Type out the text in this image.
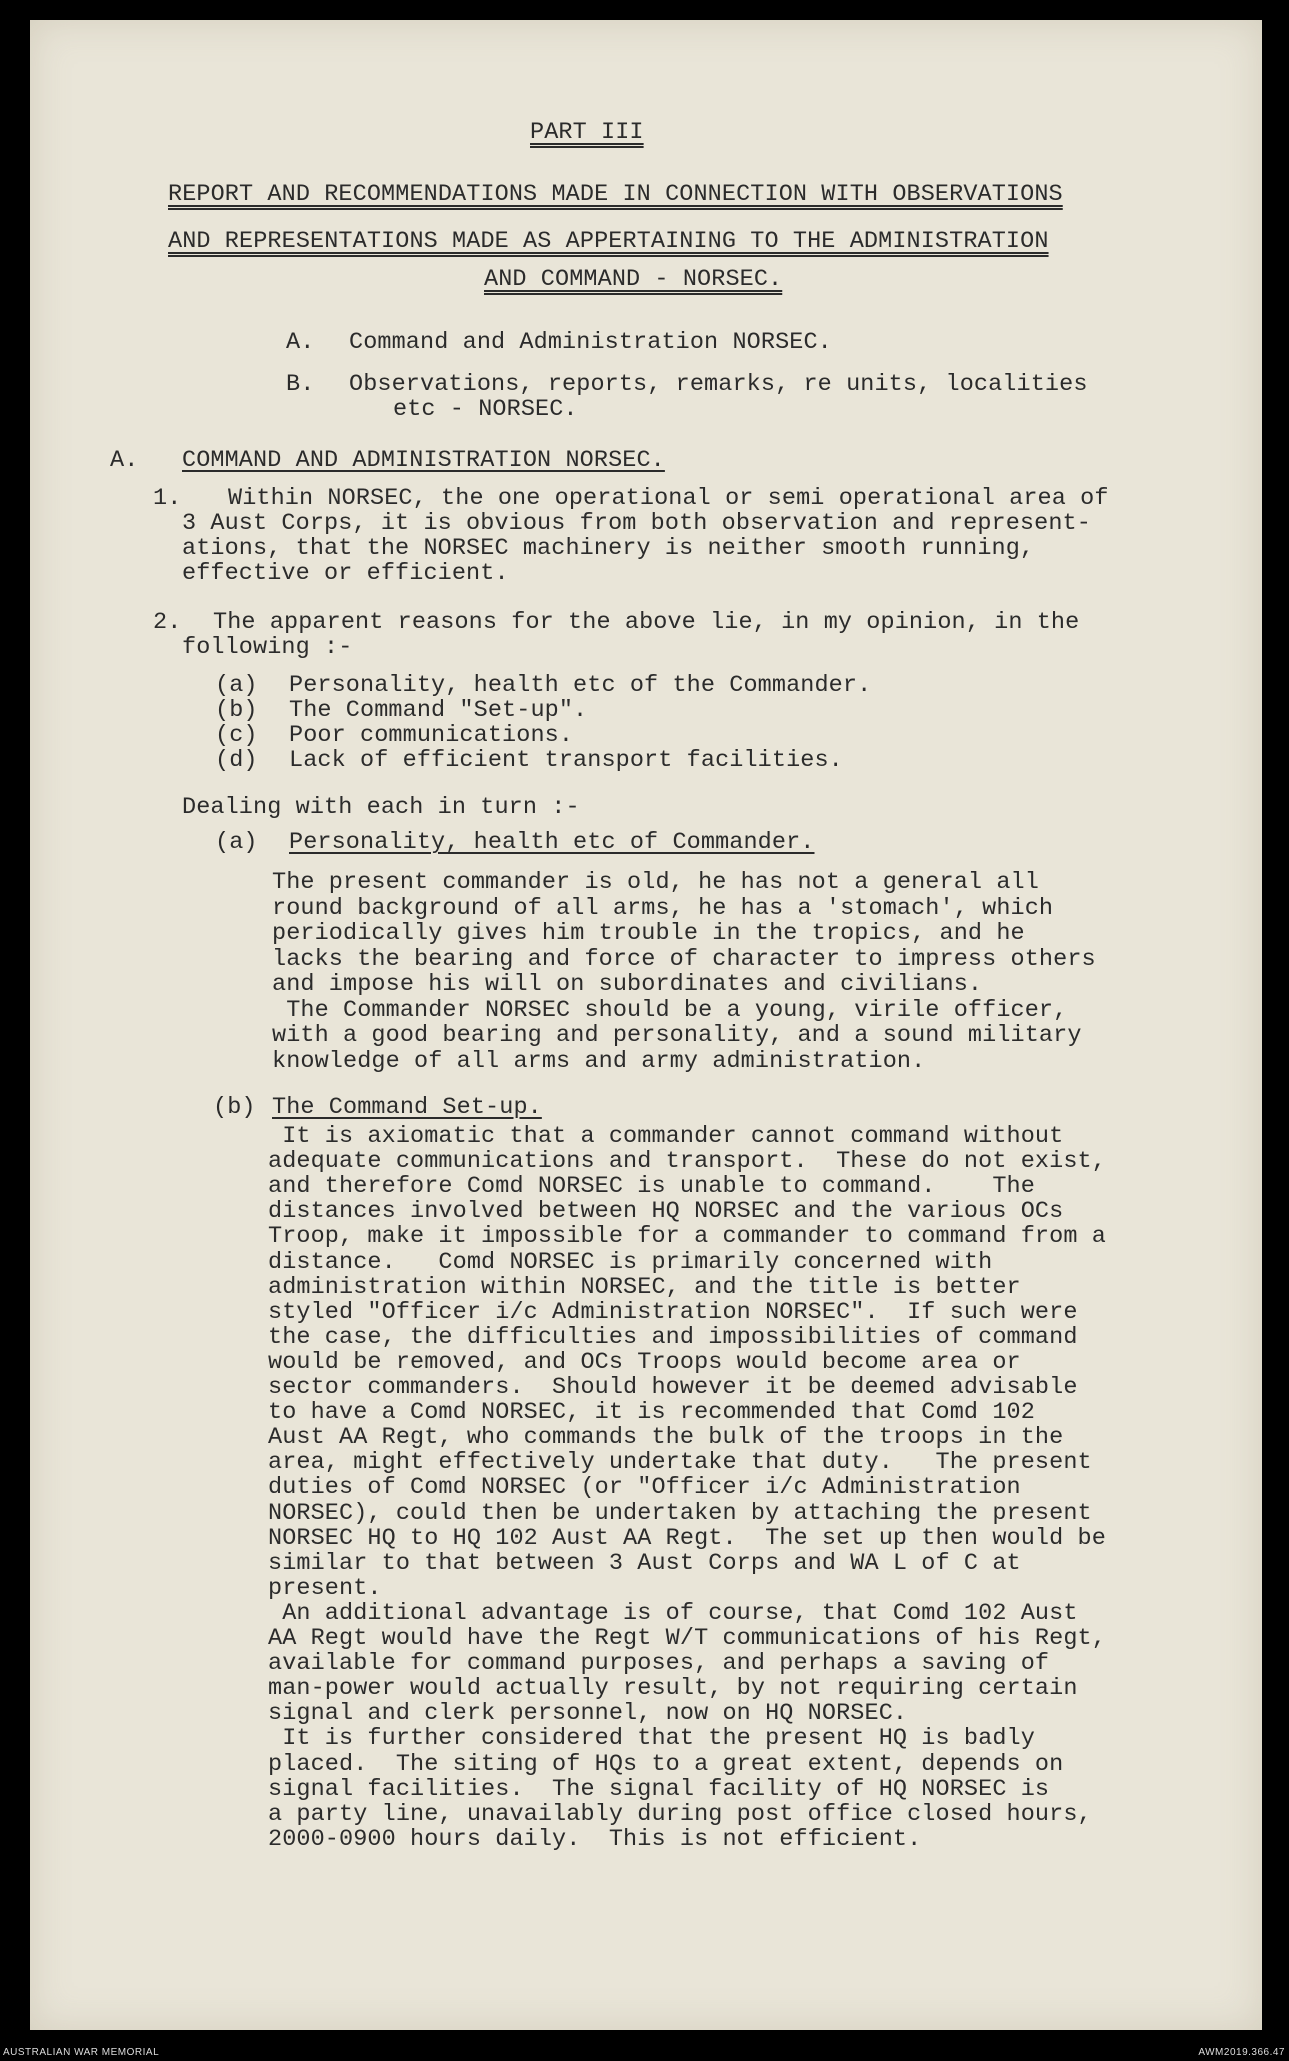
PART III
REPORT AND RECOMMENDATIONS MADE IN CONNECTION WITH OBSERVATIONS
AND REPRESENTATIONS MADE AS APPERTAINING TO THE ADMINISTRATION
AND COMMAND - NORSEC.
A. Command and Administration NORSEC.
B. Observations, reports, remarks, re units, localities
etc - NORSEC.
A. COMMAND AND ADMINISTRATION NORSEC.
1. Within NORSEC, the one operational or semi operational area of
3 Aust Corps, it is obvious from both observation and represent-
ations, that the NORSEC machinery is neither smooth running,
effective or efficient.
2. The apparent reasons for the above lie, in my opinion, in the
following :-
(a) Personality, health etc of the Commander.
(b) The Command "Set-up".
(c) Poor communications.
(d) Lack of efficient transport facilities.
Dealing with each in turn :-
(a) Personality, health etc of Commander.
The present commander is old, he has not a general all
round background of all arms, he has a 'stomach', which
periodically gives him trouble in the tropics, and he
lacks the bearing and force of character to impress others
and impose his will on subordinates and civilians.
The Commander NORSEC should be a young, virile officer,
with a good bearing and personality, and a sound military
knowledge of all arms and army administration.
(b) The Command Set-up.
It is axiomatic that a commander cannot command without
adequate communications and transport.  These do not exist,
and therefore Comd NORSEC is unable to command.    The
distances involved between HQ NORSEC and the various OCs
Troop, make it impossible for a commander to command from a
distance.   Comd NORSEC is primarily concerned with
administration within NORSEC, and the title is better
styled "Officer i/c Administration NORSEC".  If such were
the case, the difficulties and impossibilities of command
would be removed, and OCs Troops would become area or
sector commanders.  Should however it be deemed advisable
to have a Comd NORSEC, it is recommended that Comd 102
Aust AA Regt, who commands the bulk of the troops in the
area, might effectively undertake that duty.   The present
duties of Comd NORSEC (or "Officer i/c Administration
NORSEC), could then be undertaken by attaching the present
NORSEC HQ to HQ 102 Aust AA Regt.  The set up then would be
similar to that between 3 Aust Corps and WA L of C at
present.
An additional advantage is of course, that Comd 102 Aust
AA Regt would have the Regt W/T communications of his Regt,
available for command purposes, and perhaps a saving of
man-power would actually result, by not requiring certain
signal and clerk personnel, now on HQ NORSEC.
It is further considered that the present HQ is badly
placed.  The siting of HQs to a great extent, depends on
signal facilities.  The signal facility of HQ NORSEC is
a party line, unavailably during post office closed hours,
2000-0900 hours daily.  This is not efficient.
AUSTRALIAN WAR MEMORIAL	AWM2019.366.47
